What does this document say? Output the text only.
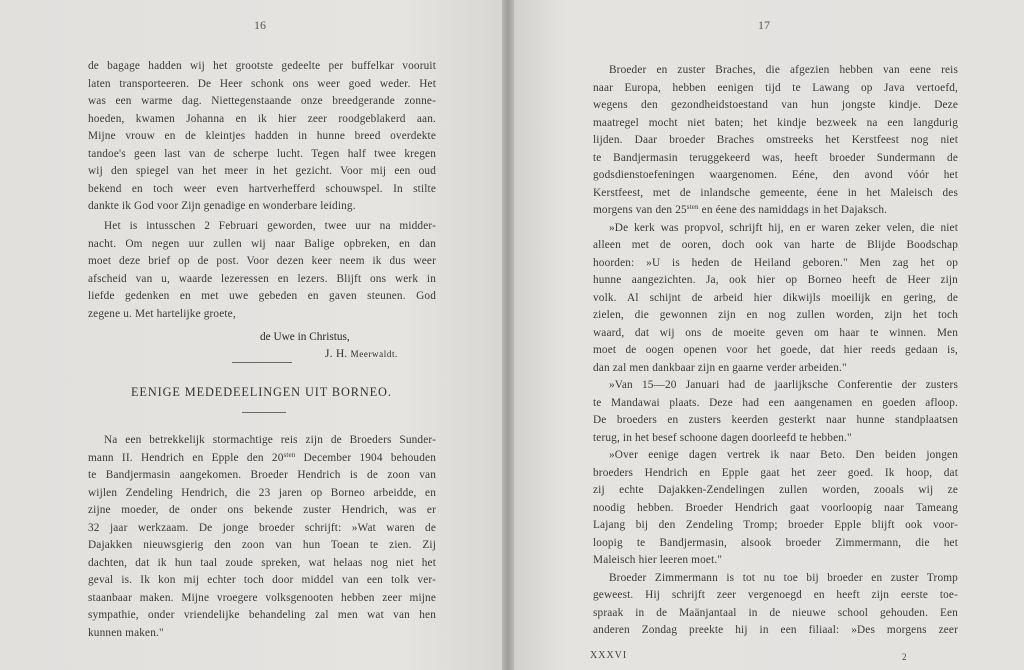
16
de bagage hadden wij het grootste gedeelte per buffelkar vooruit
laten transporteeren. De Heer schonk ons weer goed weder. Het
was een warme dag. Niettegenstaande onze breedgerande zonne-
hoeden, kwamen Johanna en ik hier zeer roodgeblakerd aan.
Mijne vrouw en de kleintjes hadden in hunne breed overdekte
tandoe's geen last van de scherpe lucht. Tegen half twee kregen
wij den spiegel van het meer in het gezicht. Voor mij een oud
bekend en toch weer even hartverhefferd schouwspel. In stilte
dankte ik God voor Zijn genadige en wonderbare leiding.
Het is intusschen 2 Februari geworden, twee uur na midder-
nacht. Om negen uur zullen wij naar Balige opbreken, en dan
moet deze brief op de post. Voor dezen keer neem ik dus weer
afscheid van u, waarde lezeressen en lezers. Blijft ons werk in
liefde gedenken en met uwe gebeden en gaven steunen. God
zegene u. Met hartelijke groete,
de Uwe in Christus,
J. H. Meerwaldt.
EENIGE MEDEDEELINGEN UIT BORNEO.
Na een betrekkelijk stormachtige reis zijn de Broeders Sunder-
mann II. Hendrich en Epple den $20^{sten}$ December 1904 behouden
te Bandjermasin aangekomen. Broeder Hendrich is de zoon van
wijlen Zendeling Hendrich, die 23 jaren op Borneo arbeidde, en
zijne moeder, de onder ons bekende zuster Hendrich, was er
32 jaar werkzaam. De jonge broeder schrijft: »Wat waren de
Dajakken nieuwsgierig den zoon van hun Toean te zien. Zij
dachten, dat ik hun taal zoude spreken, wat helaas nog niet het
geval is. Ik kon mij echter toch door middel van een tolk ver-
staanbaar maken. Mijne vroegere volksgenooten hebben zeer mijne
sympathie, onder vriendelijke behandeling zal men wat van hen
kunnen maken."
17
Broeder en zuster Braches, die afgezien hebben van eene reis
naar Europa, hebben eenigen tijd te Lawang op Java vertoefd,
wegens den gezondheidstoestand van hun jongste kindje. Deze
maatregel mocht niet baten; het kindje bezweek na een langdurig
lijden. Daar broeder Braches omstreeks het Kerstfeest nog niet
te Bandjermasin teruggekeerd was, heeft broeder Sundermann de
godsdienstoefeningen waargenomen. Eéne, den avond vóór het
Kerstfeest, met de inlandsche gemeente, éene in het Maleisch des
morgens van den $25^{sten}$ en éene des namiddags in het Dajaksch.
»De kerk was propvol, schrijft hij, en er waren zeker velen, die niet
alleen met de ooren, doch ook van harte de Blijde Boodschap
hoorden: »U is heden de Heiland geboren." Men zag het op
hunne aangezichten. Ja, ook hier op Borneo heeft de Heer zijn
volk. Al schijnt de arbeid hier dikwijls moeilijk en gering, de
zielen, die gewonnen zijn en nog zullen worden, zijn het toch
waard, dat wij ons de moeite geven om haar te winnen. Men
moet de oogen openen voor het goede, dat hier reeds gedaan is,
dan zal men dankbaar zijn en gaarne verder arbeiden."
»Van 15—20 Januari had de jaarlijksche Conferentie der zusters
te Mandawai plaats. Deze had een aangenamen en goeden afloop.
De broeders en zusters keerden gesterkt naar hunne standplaatsen
terug, in het besef schoone dagen doorleefd te hebben."
»Over eenige dagen vertrek ik naar Beto. Den beiden jongen
broeders Hendrich en Epple gaat het zeer goed. Ik hoop, dat
zij echte Dajakken-Zendelingen zullen worden, zooals wij ze
noodig hebben. Broeder Hendrich gaat voorloopig naar Tameang
Lajang bij den Zendeling Tromp; broeder Epple blijft ook voor-
loopig te Bandjermasin, alsook broeder Zimmermann, die het
Maleisch hier leeren moet."
Broeder Zimmermann is tot nu toe bij broeder en zuster Tromp
geweest. Hij schrijft zeer vergenoegd en heeft zijn eerste toe-
spraak in de Maänjantaal in de nieuwe school gehouden. Een
anderen Zondag preekte hij in een filiaal: »Des morgens zeer
XXXVI	2
